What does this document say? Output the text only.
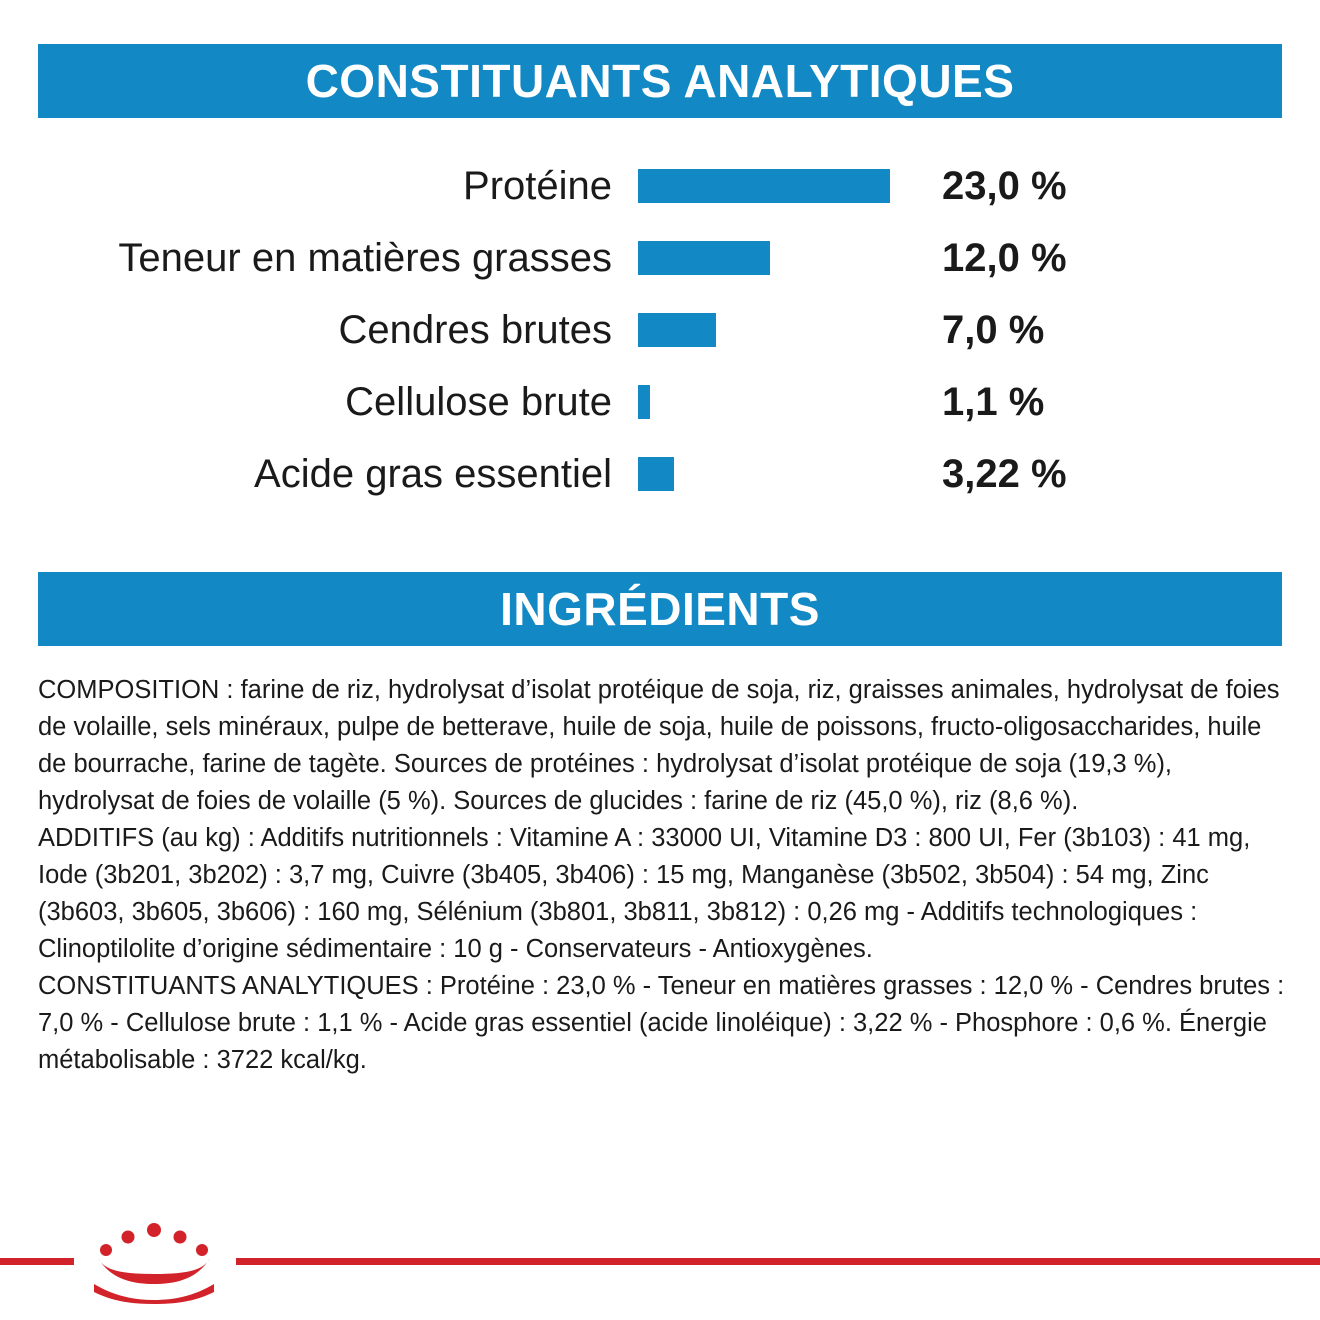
CONSTITUANTS ANALYTIQUES
Protéine	23,0 %
Teneur en matières grasses	12,0 %
Cendres brutes	7,0 %
Cellulose brute	1,1 %
Acide gras essentiel	3,22 %
INGRÉDIENTS

COMPOSITION : farine de riz, hydrolysat d’isolat protéique de soja, riz, graisses animales, hydrolysat de foies de volaille, sels minéraux, pulpe de betterave, huile de soja, huile de poissons, fructo-oligosaccharides, huile de bourrache, farine de tagète. Sources de protéines : hydrolysat d’isolat protéique de soja (19,3 %), hydrolysat de foies de volaille (5 %). Sources de glucides : farine de riz (45,0 %), riz (8,6 %).

ADDITIFS (au kg) : Additifs nutritionnels : Vitamine A : 33000 UI, Vitamine D3 : 800 UI, Fer (3b103) : 41 mg, Iode (3b201, 3b202) : 3,7 mg, Cuivre (3b405, 3b406) : 15 mg, Manganèse (3b502, 3b504) : 54 mg, Zinc (3b603, 3b605, 3b606) : 160 mg, Sélénium (3b801, 3b811, 3b812) : 0,26 mg - Additifs technologiques : Clinoptilolite d’origine sédimentaire : 10 g - Conservateurs - Antioxygènes.

CONSTITUANTS ANALYTIQUES : Protéine : 23,0 % - Teneur en matières grasses : 12,0 % - Cendres brutes : 7,0 % - Cellulose brute : 1,1 % - Acide gras essentiel (acide linoléique) : 3,22 % - Phosphore : 0,6 %. Énergie métabolisable : 3722 kcal/kg.
